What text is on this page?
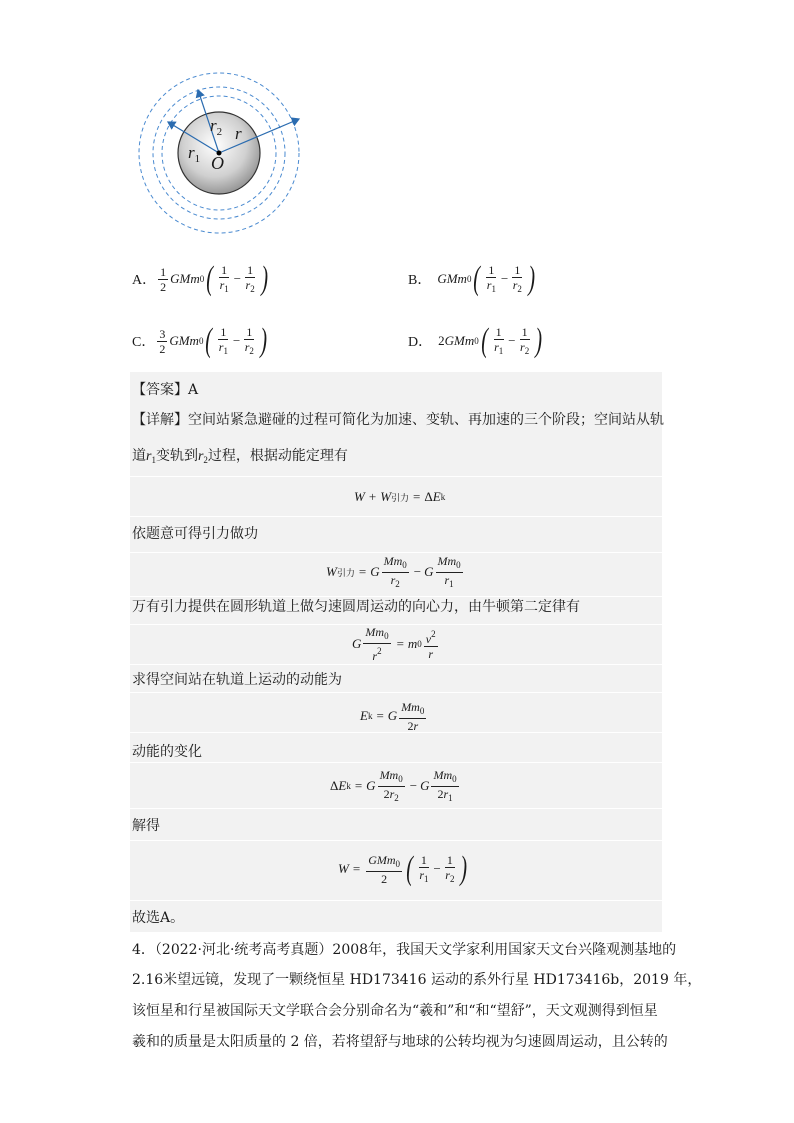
$r_2$ r
$r_1$ O
A． $\frac{1}{2}$ GMm 0 ( $\frac{1}{r_1} - \frac{1}{r_2}$ )	B． GMm 0 ( $\frac{1}{r_1} - \frac{1}{r_2}$ )
C． $\frac{3}{2}$ GMm 0 ( $\frac{1}{r_1} - \frac{1}{r_2}$ )	D． 2 GMm 0 ( $\frac{1}{r_1} - \frac{1}{r_2}$ )
【答案】A
【详解】空间站紧急避碰的过程可简化为加速、变轨、再加速的三个阶段；空间站从轨
道$r_1$变轨到$r_2$过程，根据动能定理有
W + W 引力 = Δ E k
依题意可得引力做功
W 引力 = G $\frac{Mm_0}{r_2} - G \frac{Mm_0}{r_1}$
万有引力提供在圆形轨道上做匀速圆周运动的向心力，由牛顿第二定律有
G $\frac{Mm_0}{r^2} = m$ $0 \frac{v^2}{r}$
求得空间站在轨道上运动的动能为
E k = G $\frac{Mm_0}{2r}$
动能的变化
Δ E k = G $\frac{Mm_0}{2r_2} - G \frac{Mm_0}{2r_1}$
解得
$W = \frac{GMm_0}{2}$ ( $\frac{1}{r_1} - \frac{1}{r_2}$ )
故选A。
4．（2022·河北·统考高考真题）2008年，我国天文学家利用国家天文台兴隆观测基地的
2.16米望远镜，发现了一颗绕恒星 HD173416 运动的系外行星 HD173416b，2019 年，
该恒星和行星被国际天文学联合会分别命名为“羲和”和“和“望舒”，天文观测得到恒星
羲和的质量是太阳质量的 2 倍，若将望舒与地球的公转均视为匀速圆周运动，且公转的
